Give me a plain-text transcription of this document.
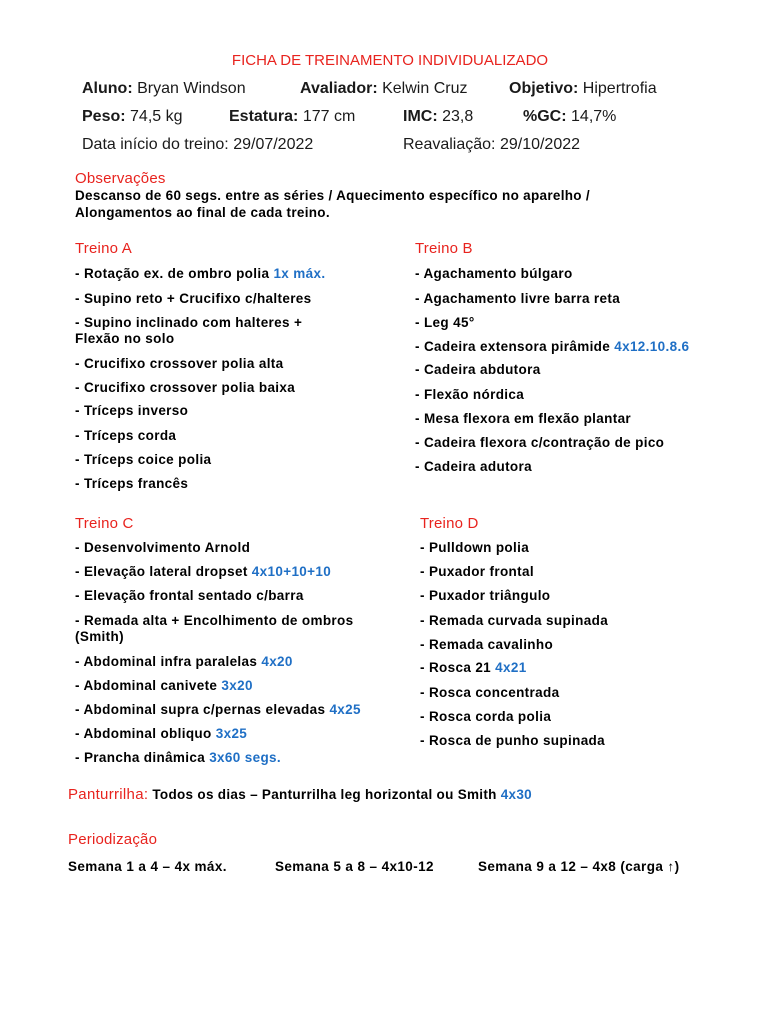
FICHA DE TREINAMENTO INDIVIDUALIZADO
Aluno: Bryan Windson	Avaliador: Kelwin Cruz	Objetivo: Hipertrofia
Peso: 74,5 kg	Estatura: 177 cm	IMC: 23,8	%GC: 14,7%
Data início do treino: 29/07/2022	Reavaliação: 29/10/2022
Observações
Descanso de 60 segs. entre as séries / Aquecimento específico no aparelho /
Alongamentos ao final de cada treino.
Treino A
- Rotação ex. de ombro polia 1x máx.
- Supino reto + Crucifixo c/halteres
- Supino inclinado com halteres +
Flexão no solo
- Crucifixo crossover polia alta
- Crucifixo crossover polia baixa
- Tríceps inverso
- Tríceps corda
- Tríceps coice polia
- Tríceps francês
Treino B
- Agachamento búlgaro
- Agachamento livre barra reta
- Leg 45°
- Cadeira extensora pirâmide 4x12.10.8.6
- Cadeira abdutora
- Flexão nórdica
- Mesa flexora em flexão plantar
- Cadeira flexora c/contração de pico
- Cadeira adutora
Treino C
- Desenvolvimento Arnold
- Elevação lateral dropset 4x10+10+10
- Elevação frontal sentado c/barra
- Remada alta + Encolhimento de ombros
(Smith)
- Abdominal infra paralelas 4x20
- Abdominal canivete 3x20
- Abdominal supra c/pernas elevadas 4x25
- Abdominal obliquo 3x25
- Prancha dinâmica 3x60 segs.
Treino D
- Pulldown polia
- Puxador frontal
- Puxador triângulo
- Remada curvada supinada
- Remada cavalinho
- Rosca 21 4x21
- Rosca concentrada
- Rosca corda polia
- Rosca de punho supinada
Panturrilha: Todos os dias – Panturrilha leg horizontal ou Smith 4x30
Periodização
Semana 1 a 4 – 4x máx.	Semana 5 a 8 – 4x10-12	Semana 9 a 12 – 4x8 (carga ↑)
